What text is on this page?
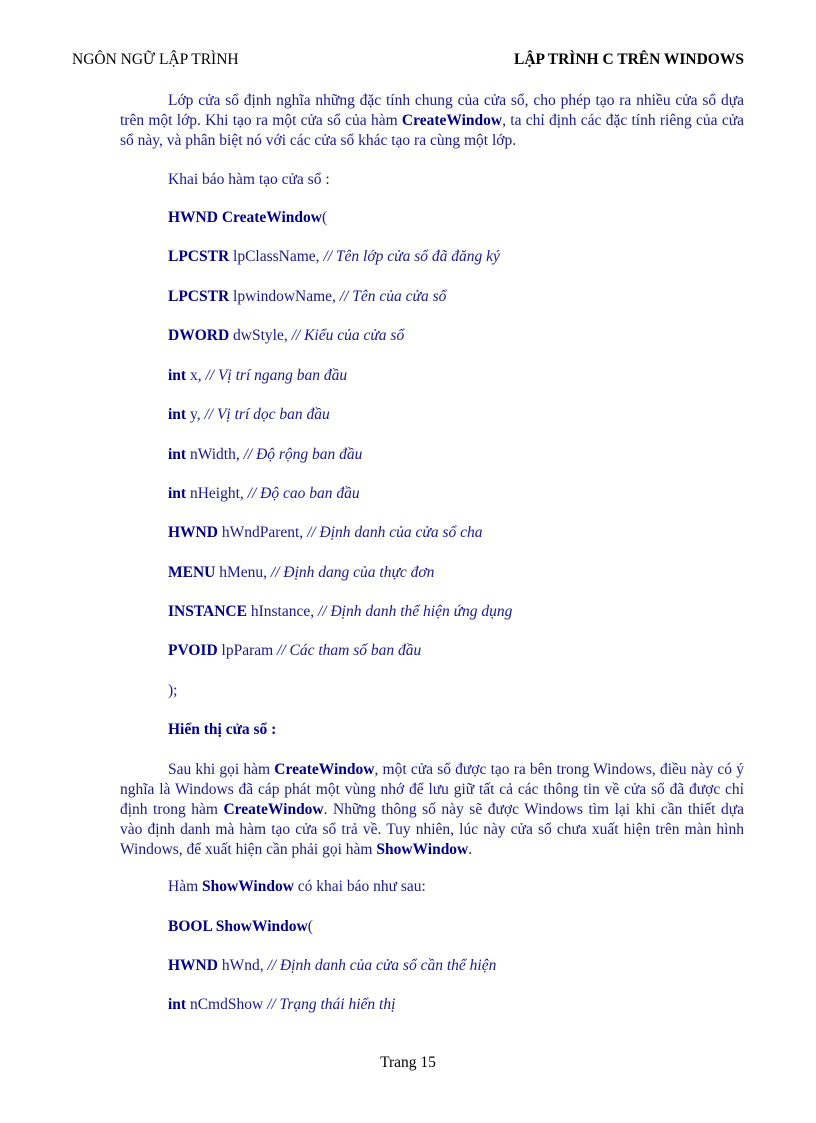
NGÔN NGỮ LẬP TRÌNH	LẬP TRÌNH C TRÊN WINDOWS
Lớp cửa sổ định nghĩa những đặc tính chung của cửa sổ, cho phép tạo ra nhiều cửa sổ dựa trên một lớp. Khi tạo ra một cửa sổ của hàm CreateWindow, ta chỉ định các đặc tính riêng của cửa sổ này, và phân biệt nó với các cửa sổ khác tạo ra cùng một lớp.
Khai báo hàm tạo cửa sổ :
HWND CreateWindow(
LPCSTR lpClassName, // Tên lớp cửa sổ đã đăng ký
LPCSTR lpwindowName, // Tên của cửa sổ
DWORD dwStyle, // Kiểu của cửa sổ
int x, // Vị trí ngang ban đầu
int y, // Vị trí dọc ban đầu
int nWidth, // Độ rộng ban đầu
int nHeight, // Độ cao ban đầu
HWND hWndParent, // Định danh của cửa sổ cha
MENU hMenu, // Định dang của thực đơn
INSTANCE hInstance, // Định danh thể hiện ứng dụng
PVOID lpParam // Các tham số ban đầu
);
Hiển thị cửa sổ :
Sau khi gọi hàm CreateWindow, một cửa sổ được tạo ra bên trong Windows, điều này có ý nghĩa là Windows đã cáp phát một vùng nhớ để lưu giữ tất cả các thông tin về cửa sổ đã được chỉ định trong hàm CreateWindow. Những thông số này sẽ được Windows tìm lại khi cần thiết dựa vào định danh mà hàm tạo cửa sổ trả về. Tuy nhiên, lúc này cửa sổ chưa xuất hiện trên màn hình Windows, để xuất hiện cần phải gọi hàm ShowWindow.
Hàm ShowWindow có khai báo như sau:
BOOL ShowWindow(
HWND hWnd, // Định danh của cửa sổ cần thể hiện
int nCmdShow // Trạng thái hiển thị
Trang 15
